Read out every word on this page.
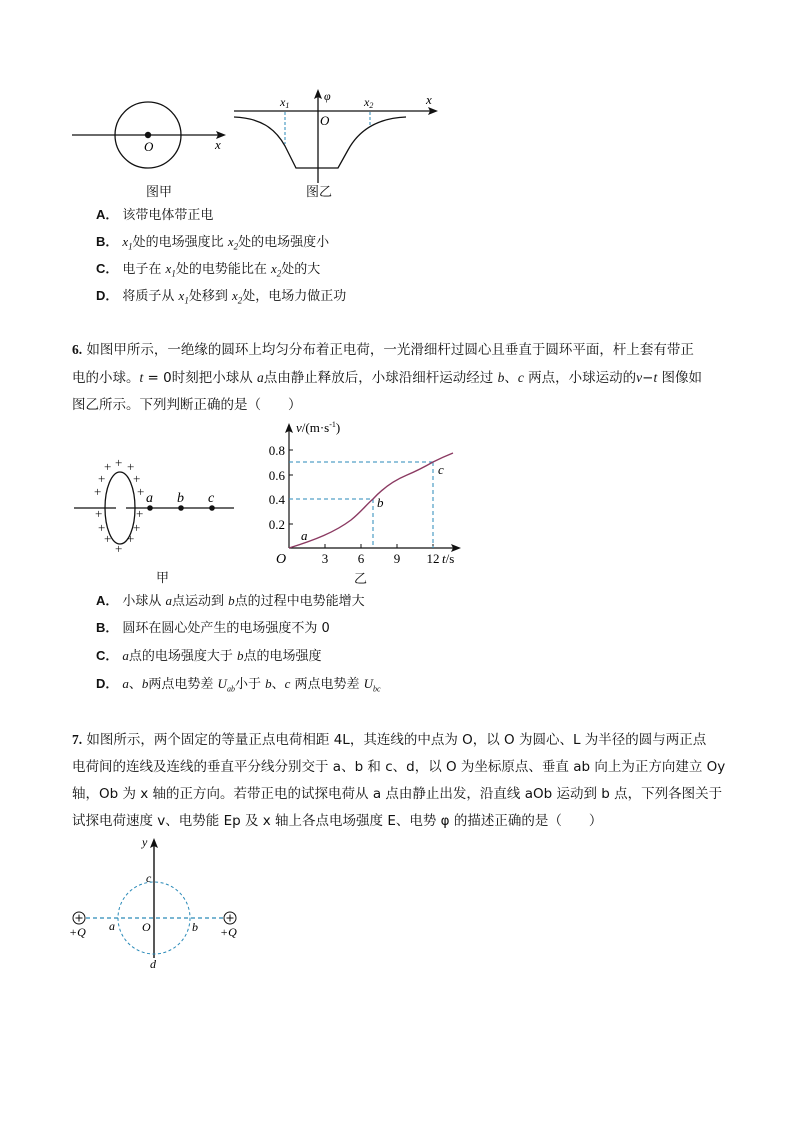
O	x
图甲
x1	x2
φ	x
O
图乙
A． 该带电体带正电
B． $x_1$处的电场强度比 $x_2$处的电场强度小
C． 电子在 $x_1$处的电势能比在 $x_2$处的大
D． 将质子从 $x_1$处移到 $x_2$处，电场力做正功
6. 如图甲所示，一绝缘的圆环上均匀分布着正电荷，一光滑细杆过圆心且垂直于圆环平面，杆上套有带正
电的小球。t = 0时刻把小球从 a点由静止释放后，小球沿细杆运动经过 b、c 两点，小球运动的v−t 图像如
图乙所示。下列判断正确的是（　　）
a b c
+
+ +
+ +
+	+
+	+
+ +
+ +
+
甲
$v/(m\cdot s^{-1})$
0.2
0.4
0.6
0.8
3 6 9 12
O	t/s
a
b
c
乙
A． 小球从 a点运动到 b点的过程中电势能增大
B． 圆环在圆心处产生的电场强度不为 0
C． a点的电场强度大于 b点的电场强度
D． a、b两点电势差 $U_{ab}$小于 b、c 两点电势差 $U_{bc}$
7. 如图所示，两个固定的等量正点电荷相距 4L，其连线的中点为 O，以 O 为圆心、L 为半径的圆与两正点
电荷间的连线及连线的垂直平分线分别交于 a、b 和 c、d，以 O 为坐标原点、垂直 ab 向上为正方向建立 Oy
轴，Ob 为 x 轴的正方向。若带正电的试探电荷从 a 点由静止出发，沿直线 aOb 运动到 b 点，下列各图关于
试探电荷速度 v、电势能 Ep 及 x 轴上各点电场强度 E、电势 φ 的描述正确的是（　　）
y
c
d
a	b
O
+Q	+Q
